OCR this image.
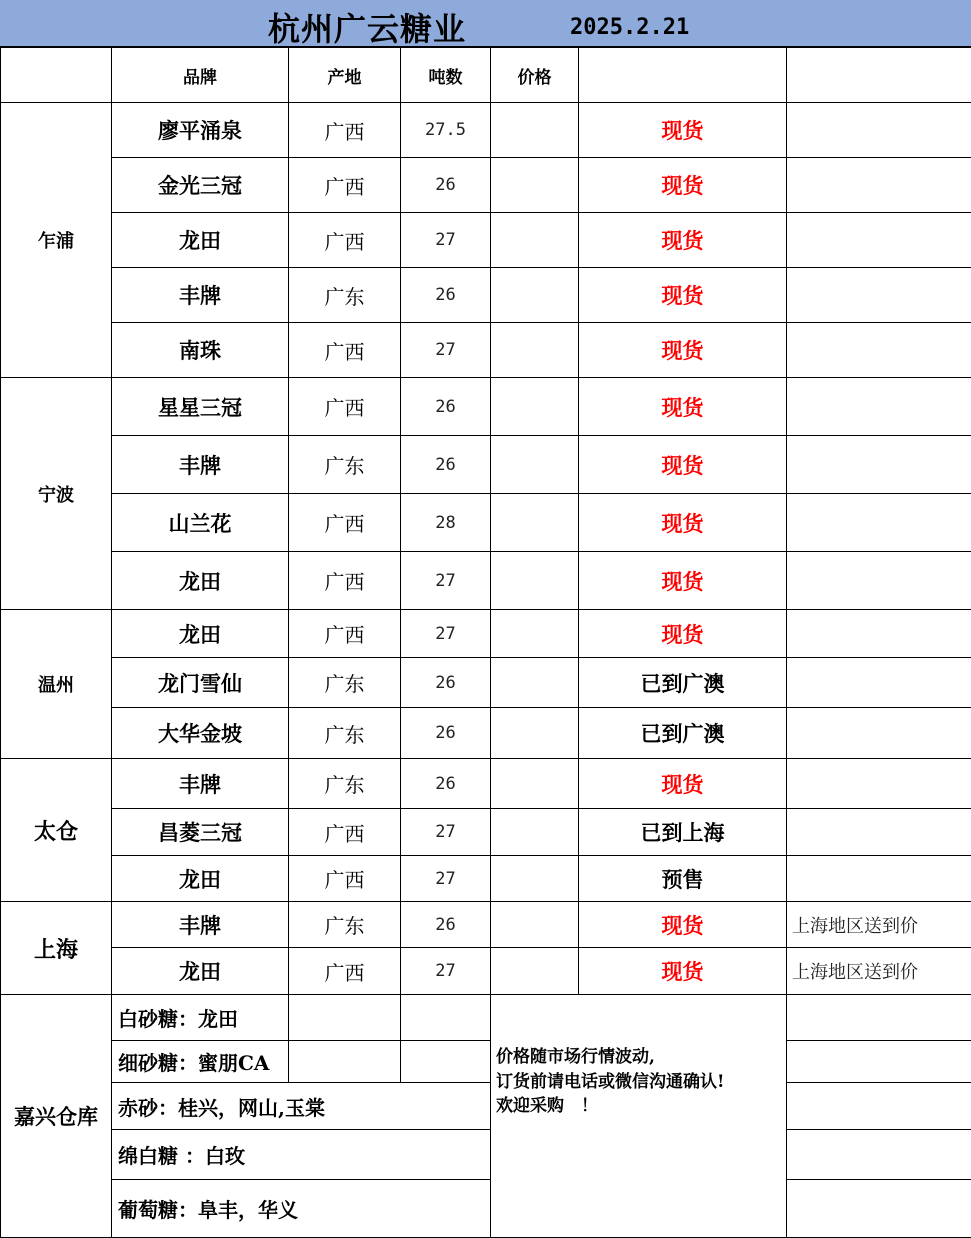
杭州广云糖业	2025.2.21
	品牌	产地	吨数	价格		
乍浦	廖平涌泉	广西	27.5		现货	
	金光三冠	广西	26		现货	
	龙田	广西	27		现货	
	丰牌	广东	26		现货	
	南珠	广西	27		现货	
宁波	星星三冠	广西	26		现货	
	丰牌	广东	26		现货	
	山兰花	广西	28		现货	
	龙田	广西	27		现货	
温州	龙田	广西	27		现货	
	龙门雪仙	广东	26		已到广澳	
	大华金坡	广东	26		已到广澳	
太仓	丰牌	广东	26		现货	
	昌菱三冠	广西	27		已到上海	
	龙田	广西	27		预售	
上海	丰牌	广东	26		现货	上海地区送到价
	龙田	广西	27		现货	上海地区送到价
嘉兴仓库	白砂糖：龙田			价格随市场行情波动,
订货前请电话或微信沟通确认!
欢迎采购　！		

	细砂糖：蜜朋CA					
	赤砂：桂兴，网山,玉棠					
	绵白糖 ：白玫					
	葡萄糖：阜丰，华义					
